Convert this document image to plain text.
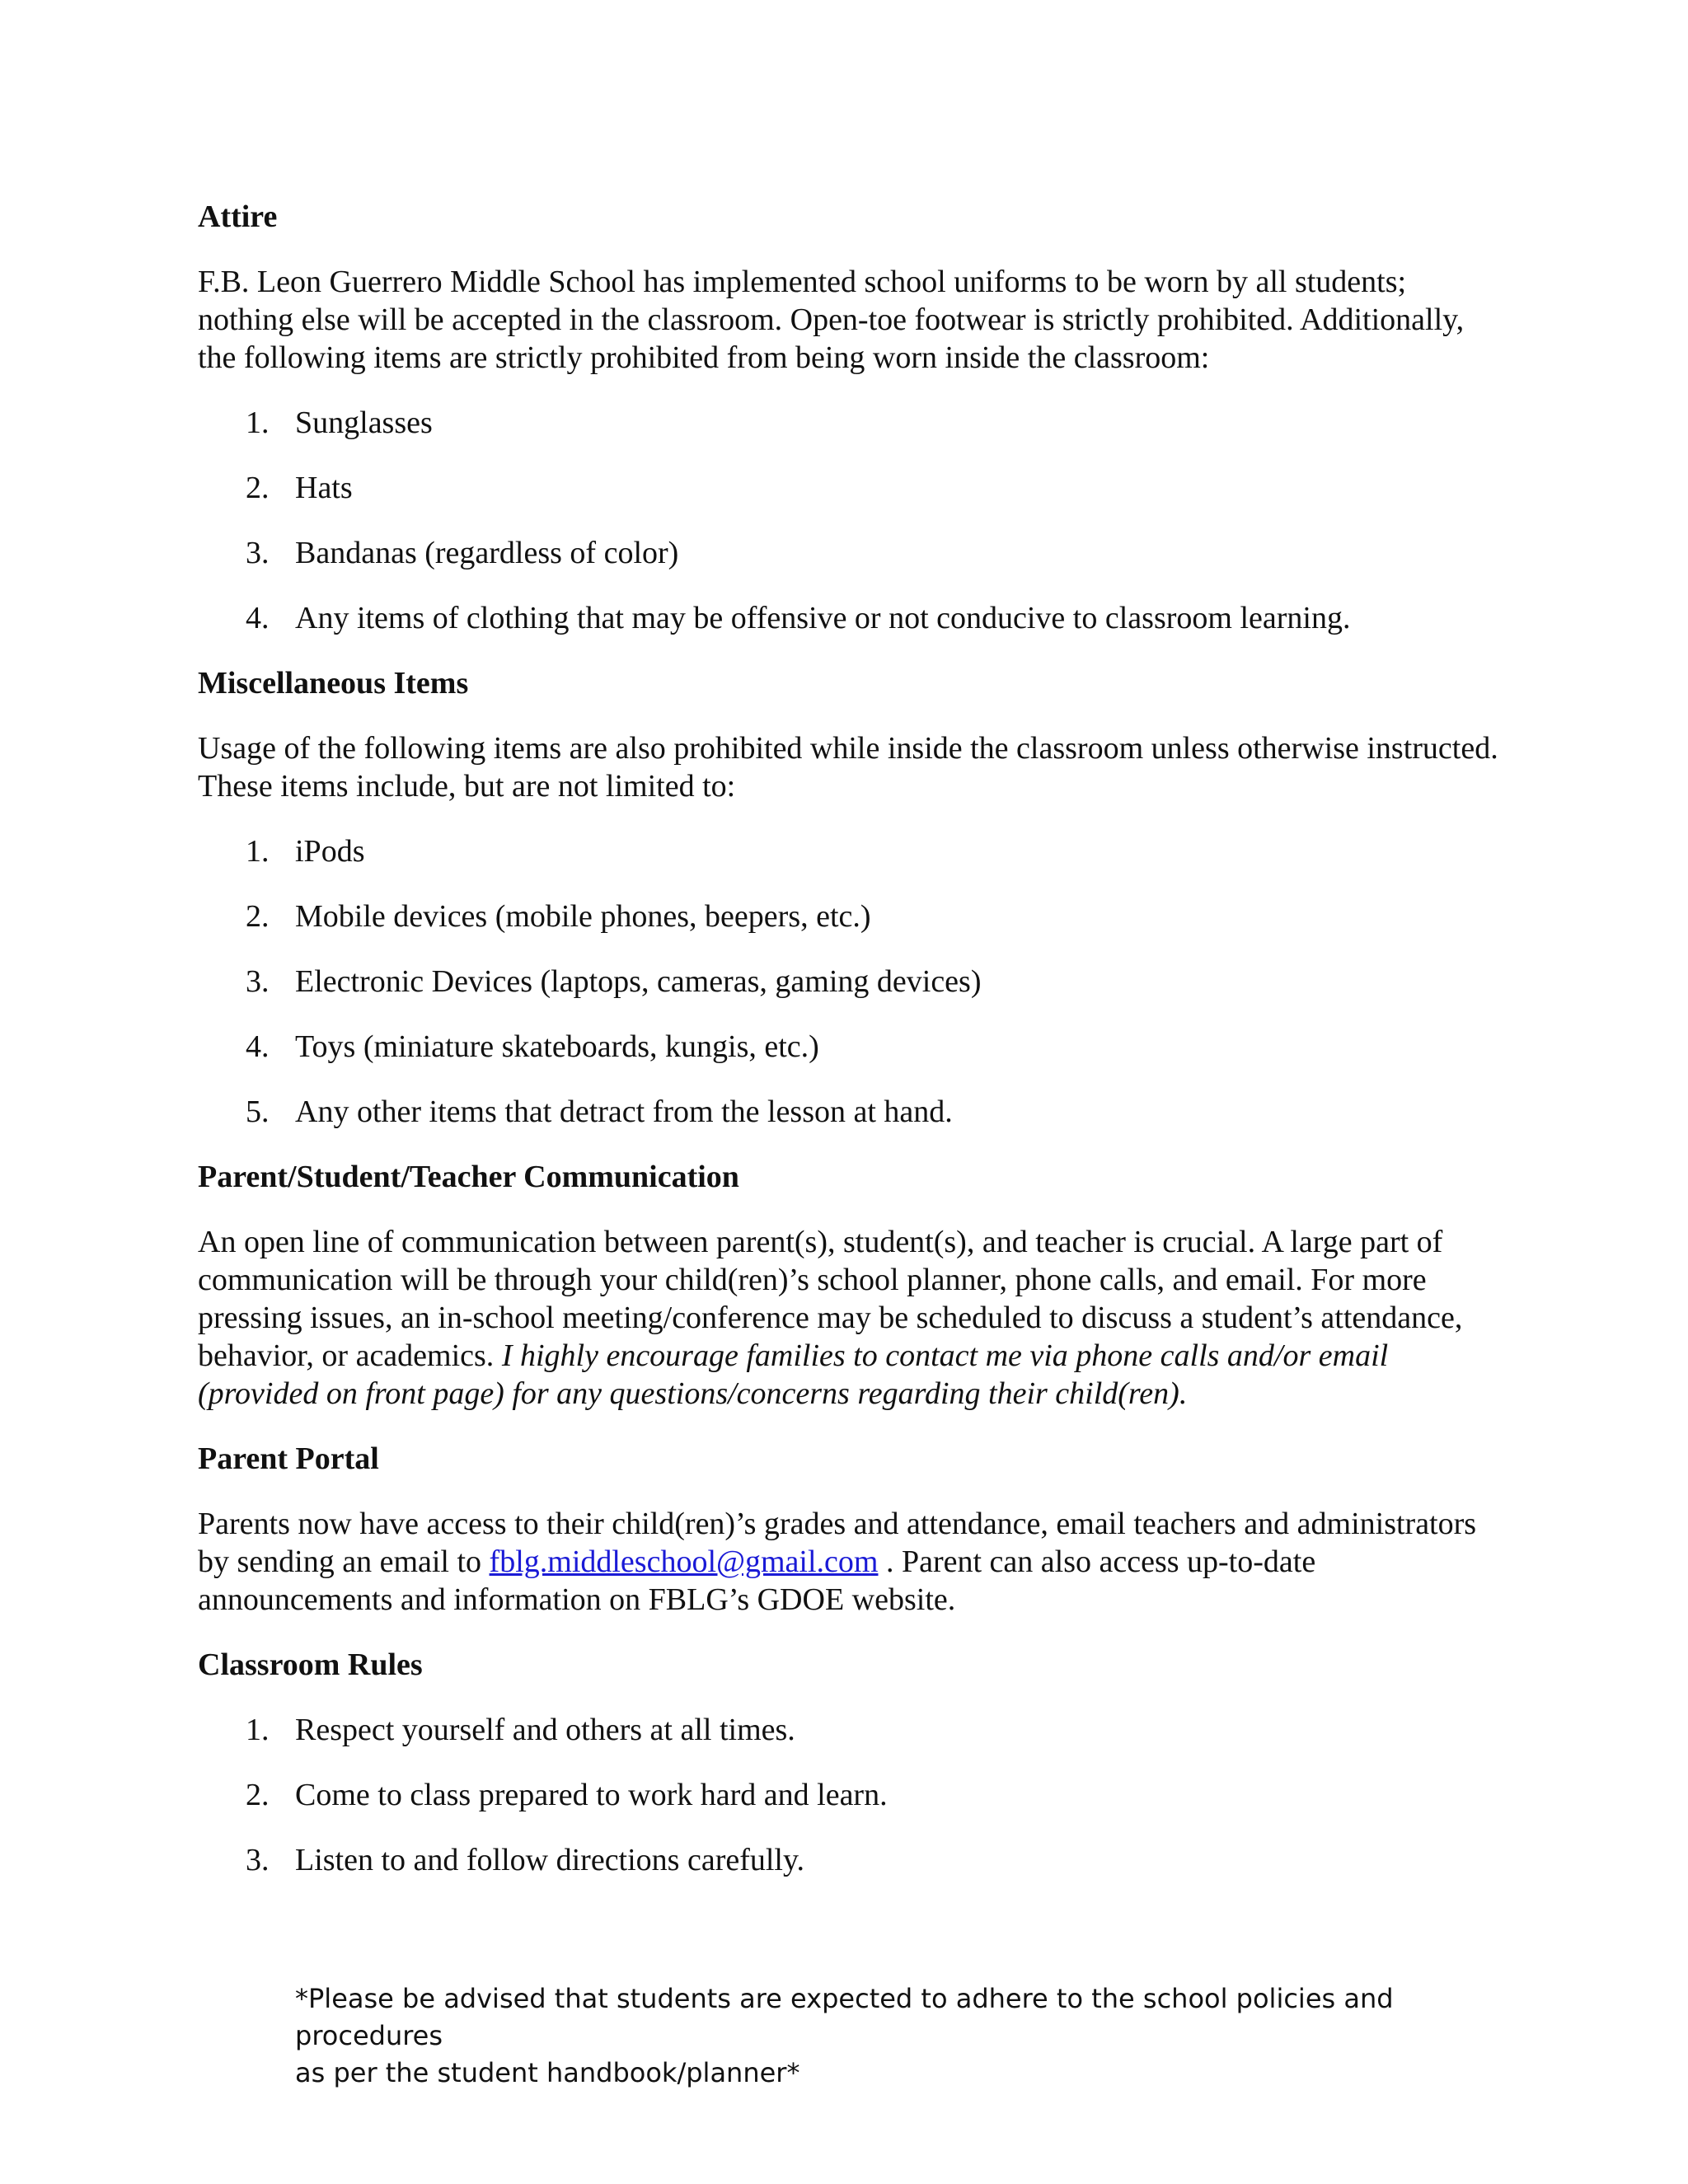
Attire
F.B. Leon Guerrero Middle School has implemented school uniforms to be worn by all students; nothing else will be accepted in the classroom. Open-toe footwear is strictly prohibited. Additionally, the following items are strictly prohibited from being worn inside the classroom:
1. Sunglasses
2. Hats
3. Bandanas (regardless of color)
4. Any items of clothing that may be offensive or not conducive to classroom learning.
Miscellaneous Items
Usage of the following items are also prohibited while inside the classroom unless otherwise instructed. These items include, but are not limited to:
1. iPods
2. Mobile devices (mobile phones, beepers, etc.)
3. Electronic Devices (laptops, cameras, gaming devices)
4. Toys (miniature skateboards, kungis, etc.)
5. Any other items that detract from the lesson at hand.
Parent/Student/Teacher Communication
An open line of communication between parent(s), student(s), and teacher is crucial. A large part of communication will be through your child(ren)’s school planner, phone calls, and email. For more pressing issues, an in-school meeting/conference may be scheduled to discuss a student’s attendance, behavior, or academics. I highly encourage families to contact me via phone calls and/or email (provided on front page) for any questions/concerns regarding their child(ren).
Parent Portal
Parents now have access to their child(ren)’s grades and attendance, email teachers and administrators by sending an email to fblg.middleschool@gmail.com . Parent can also access up-to-date announcements and information on FBLG’s GDOE website.
Classroom Rules
1. Respect yourself and others at all times.
2. Come to class prepared to work hard and learn.
3. Listen to and follow directions carefully.
*Please be advised that students are expected to adhere to the school policies and procedures
as per the student handbook/planner*
